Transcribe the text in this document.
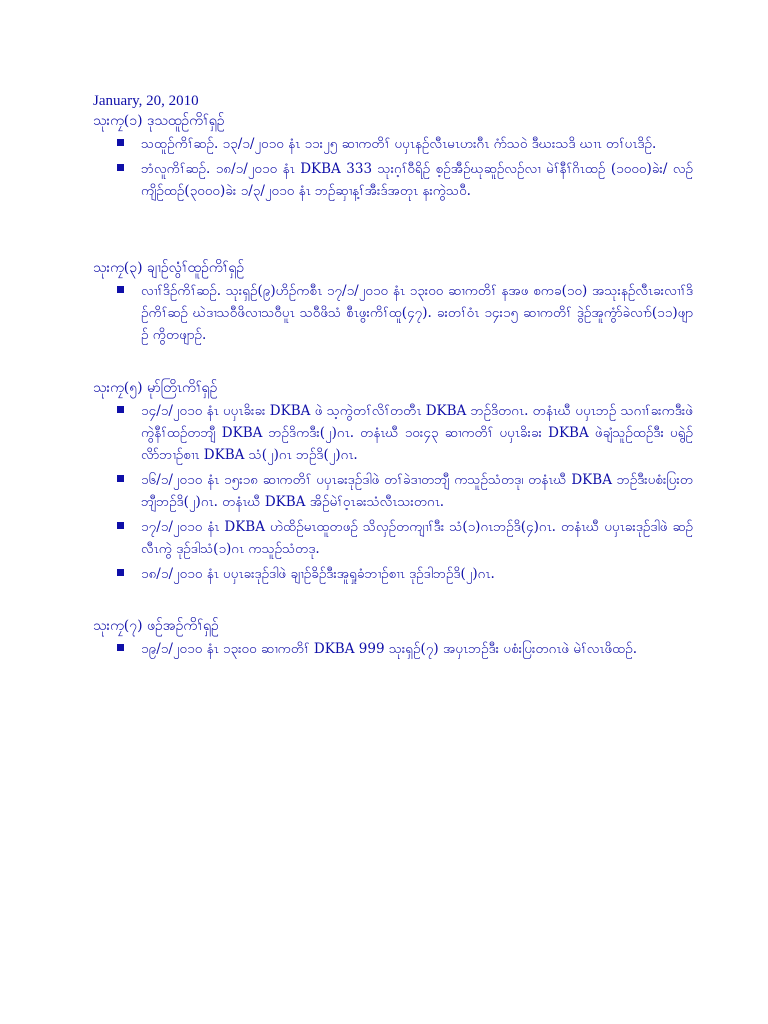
January, 20, 2010
သုးကၠ(၁) ဒုသထူဉ်ကိၢ်ရှဉ်
သထူဉ်ကိၢ်ဆဉ်. ၁၃/၁/၂၀၁၀ နံၤ ၁၁း၂၅ ဆၢကတိၢ် ပပှၤနဉ်လီၤမၤဟးဂီၤ ဂံာ်သဝဲ ဒီဃးသဒိ ဃၢၤ တၢ်ပၤဒိဉ်.
ဘံလူကိၢ်ဆဉ်. ၁၈/၁/၂၀၁၀ နံၤ DKBA 333 သုးဂ့ၢ်ဝီရိဉ် စ့ဉ်အီဉ်ဃုဆူဉ်လဉ်လၢ မဲၢ်နီၢ်ဂိၤထဉ် (၁၀၀၀)ခဲး/ လဉ်ကျိဉ်ထဉ်(၃၀၀၀)ခဲး ၁/၃/၂၀၁၀ နံၤ ဘဉ်ဆှၢန့ၢ်အီးဒ်အတုၤ နးကွဲသဝီ.
သုးကၠ(၃) ချၢဉ်လွံၢ်ထူဉ်ကိၢ်ရှဉ်
လၢၢ်ဒိဉ်ကိၢ်ဆဉ်. သုးရှဉ်(၉)ဟိဉ်ကစီၤ ၁၇/၁/၂၀၁၀ နံၤ ၁၃း၀၀ ဆၢကတိၢ် နအဖ စကခ(၁၀) အသုးနဉ်လီၤခးလၢၢ်ဒိဉ်ကိၢ်ဆဉ် ဃဲဒၢသဝီဖိလၢသဝီပူၤ သဝီဖိသံ စီၤဖွးကိၢ်ထူ(၄၇). ခးတၢ်ဝံၤ ၁၄း၁၅ ဆၢကတိၢ် ဒွဲဉ်အူကွံာ်ခဲလၢာ်(၁၁)ဖျာဉ် ကွိတဖျာဉ်.
သုးကၠ(၅) မုာ်တြိၤကိၢ်ရှဉ်
၁၄/၁/၂၀၁၀ နံၤ ပပှၤခိးခး DKBA ဖဲ သ့ကွဲတၢ်လိၢ်တတီၤ DKBA ဘဉ်ဒိတဂၤ. တနံၤဃီ ပပှၤဘဉ် သဂၢၢ်ခးကဒီးဖဲ ကွဲနီၢ်ထဉ်တဘျီ DKBA ဘဉ်ဒိကဒီး(၂)ဂၤ. တနံၤဃီ ၁၀း၄၃ ဆၢကတိၢ် ပပှၤခိးခး DKBA ဖဲချံသူဉ်ထဉ်ဒီး ပရွဲဉ်လိာ်ဘၢဉ်စၢၤ DKBA သံ(၂)ဂၤ ဘဉ်ဒိ(၂)ဂၤ.
၁၆/၁/၂၀၁၀ နံၤ ၁၅း၁၈ ဆၢကတိၢ် ပပှၤခးဒုဉ်ဒါဖဲ တၢ်ခဲဒၢတဘျီ ကသူဉ်သံတဒု၊ တနံၤဃီ DKBA ဘဉ်ဒီးပစံးပြးတဘျီဘဉ်ဒိ(၂)ဂၤ. တနံၤဃီ DKBA အိဉ်မဲၢ်ဝ့ၤခးသံလီၤသးတဂၤ.
၁၇/၁/၂၀၁၀ နံၤ DKBA ဟဲထိဉ်မၤထူတဖဉ် သိလှဉ်တကျၢၢ်ဒီး သံ(၁)ဂၤဘဉ်ဒိ(၄)ဂၤ. တနံၤဃီ ပပှၤခးဒုဉ်ဒါဖဲ ဆဉ်လီၤကွဲ ဒုဉ်ဒါသံ(၁)ဂၤ ကသူဉ်သံတဒု.
၁၈/၁/၂၀၁၀ နံၤ ပပှၤခးဒုဉ်ဒါဖဲ ချၢဉ်ခိဉ်ဒီးအူရှုခံဘၢဉ်စၢၤ ဒုဉ်ဒါဘဉ်ဒိ(၂)ဂၤ.
သုးကၠ(၇) ဖဉ်အဉ်ကိၢ်ရှဉ်
၁၉/၁/၂၀၁၀ နံၤ ၁၃း၀၀ ဆၢကတိၢ် DKBA 999 သုးရှဉ်(၇) အပှၤဘဉ်ဒီး ပစံးပြးတဂၤဖဲ မဲၢ်လၤဖိထဉ်.
